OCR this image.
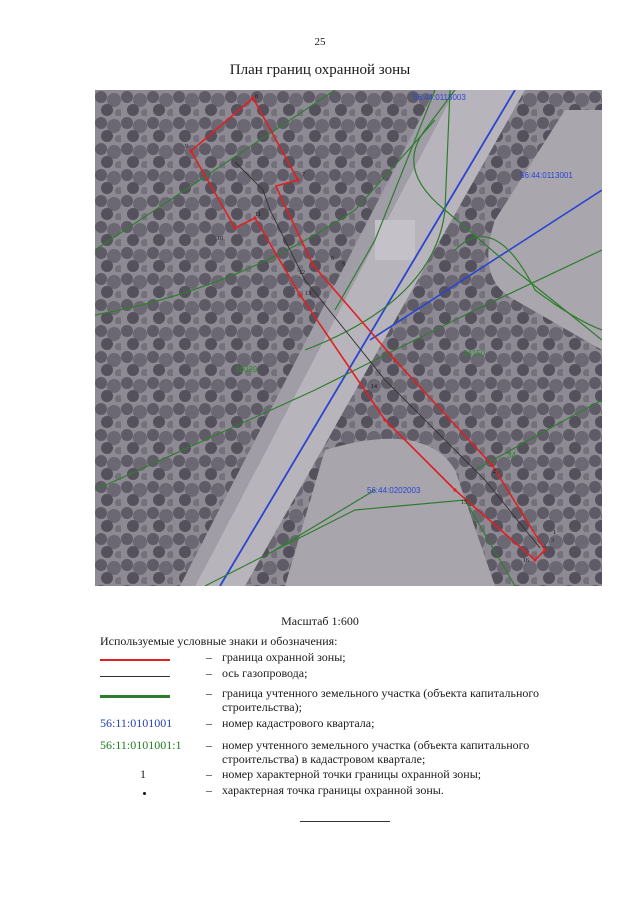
25
План границ охранной зоны
8
9
7
10
11
12
13
14
15
6
5
1
2
3
4
16
56:44:0115003
56:44:0113001
56:44:0202003
30039
34150
34
Масштаб 1:600
Используемые условные знаки и обозначения:
– граница охранной зоны;
– ось газопровода;
– граница учтенного земельного участка (объекта капитального строительства);
56:11:0101001	– номер кадастрового квартала;
56:11:0101001:1	– номер учтенного земельного участка (объекта капитального строительства) в кадастровом квартале;
1	– номер характерной точки границы охранной зоны;
– характерная точка границы охранной зоны.
